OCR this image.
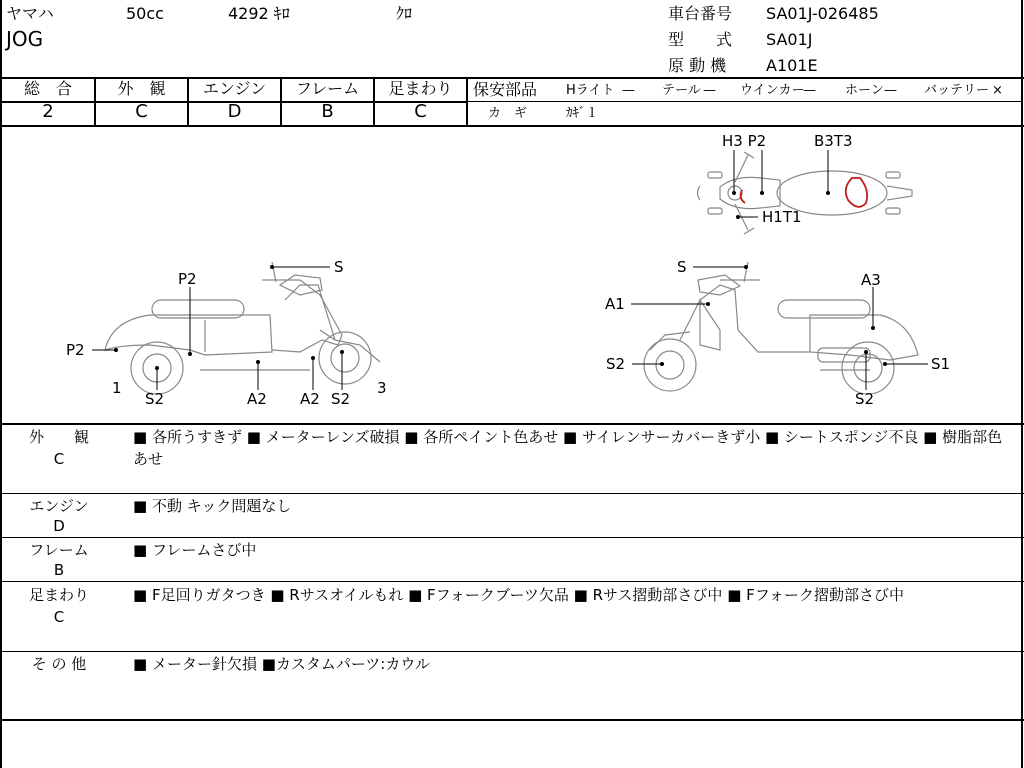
ヤマハ	50cc	4292 ｷﾛ	ｸﾛ
JOG
車台番号 SA01J-026485
型　　式 SA01J
原 動 機 A101E
総　合
2
外　観
C
エンジン
D
フレーム
B
足まわり
C
保安部品 Hライト — テール — ウインカー
— ホーン — バッテリー ×
カ　ギ	ｶｷﾞ１
H3 P2	B3T3
H1T1
S
P2
P2
1
S2	A2 A2 S2
3
S
A3
A1
S2	S1
S2
外　　観
C
■ 各所うすきず ■ メーターレンズ破損 ■ 各所ペイント色あせ ■ サイレンサーカバーきず小 ■ シートスポンジ不良 ■ 樹脂部色あせ
エンジン
D
■ 不動 キック問題なし
フレーム
B
■ フレームさび中
足まわり
C
■ F足回りガタつき ■ Rサスオイルもれ ■ Fフォークブーツ欠品 ■ Rサス摺動部さび中 ■ Fフォーク摺動部さび中
そ の 他	■ メーター針欠損 ■カスタムパーツ:カウル
